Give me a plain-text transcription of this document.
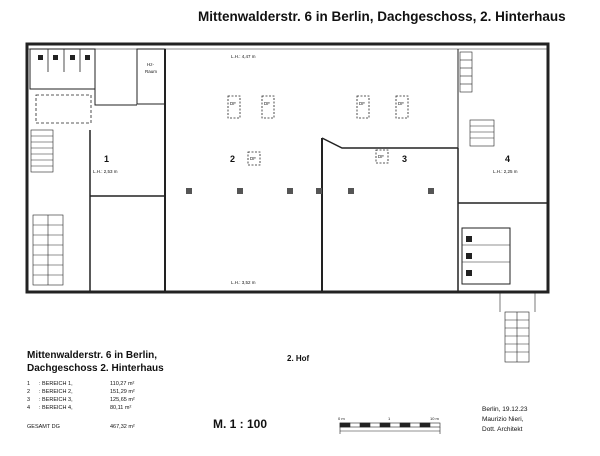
Mittenwalderstr. 6 in Berlin, Dachgeschoss, 2. Hinterhaus
1
L.H.: 2,53 m
2
L.H.: 4,47 m
L.H.: 3,52 m
3	4
L.H.: 2,25 m
Hz-
Raum
DF	DF
DF
DF	DF
DF
0 m	1	10 m
Mittenwalderstr. 6 in Berlin,
Dachgeschoss 2. Hinterhaus
1 : BEREICH 1,	110,27 m²
2 : BEREICH 2,	151,29 m²
3 : BEREICH 3,	125,65 m²
4 : BEREICH 4,	80,11 m²
GESAMT DG	467,32 m²
2. Hof
M. 1 : 100
Berlin, 19.12.23
Maurizio Nieri,
Dott. Architekt
